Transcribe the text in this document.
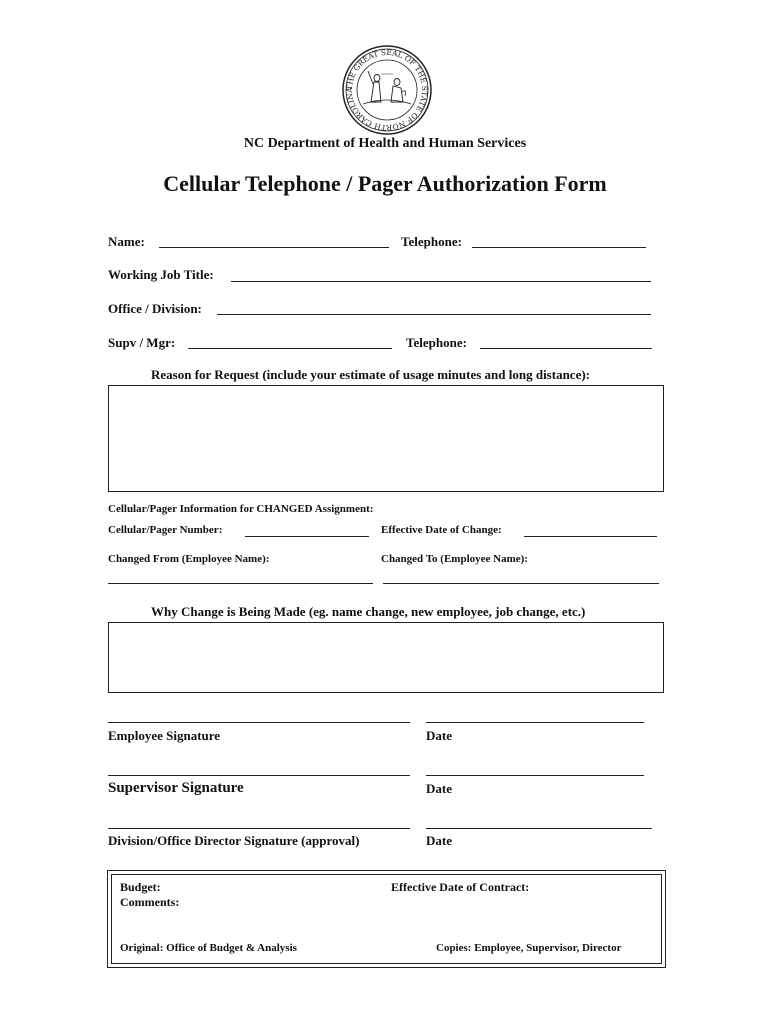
THE GREAT SEAL OF THE STATE OF NORTH CAROLINA
NC Department of Health and Human Services
Cellular Telephone / Pager Authorization Form
Name:	Telephone:
Working Job Title:
Office / Division:
Supv / Mgr:	Telephone:
Reason for Request (include your estimate of usage minutes and long distance):
Cellular/Pager Information for CHANGED Assignment:
Cellular/Pager Number:	Effective Date of Change:
Changed From (Employee Name):	Changed To (Employee Name):
Why Change is Being Made (eg. name change, new employee, job change, etc.)
Employee Signature	Date
Supervisor Signature	Date
Division/Office Director Signature (approval)	Date
Budget:
Comments:
Effective Date of Contract:
Original: Office of Budget & Analysis	Copies: Employee, Supervisor, Director
